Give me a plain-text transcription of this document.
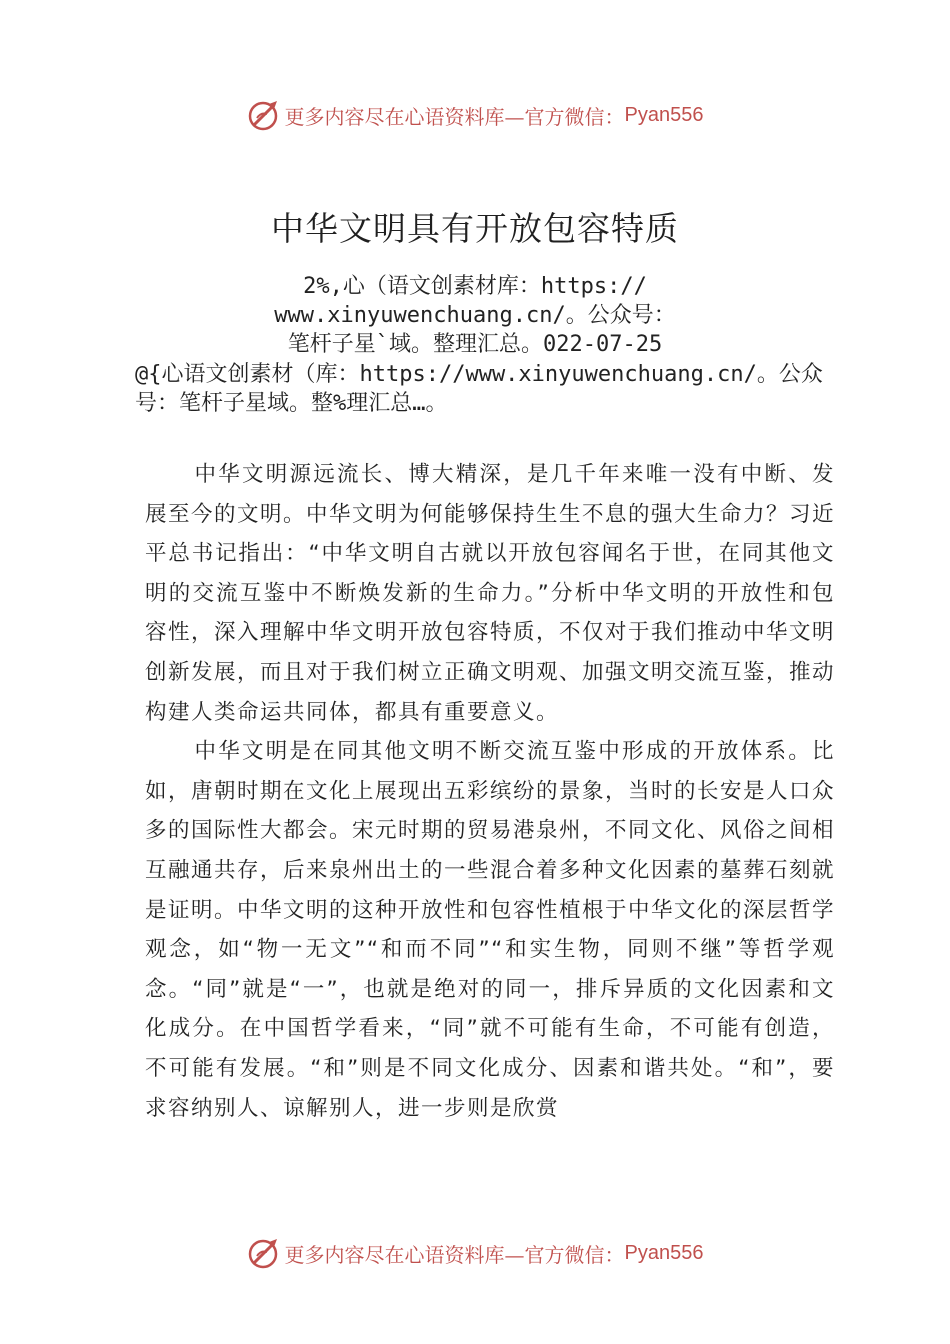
更多内容尽在心语资料库—官方微信： Pyan556
中华文明具有开放包容特质
2%,心（语文创素材库：https://
www.xinyuwenchuang.cn/。公众号：
笔杆子星`域。整理汇总。022-07-25
@{心语文创素材（库：https://www.xinyuwenchuang.cn/。公众号：笔杆子星域。整%理汇总…。

中华文明源远流长、博大精深，是几千年来唯一没有中断、发展至今的文明。中华文明为何能够保持生生不息的强大生命力？习近平总书记指出：“中华文明自古就以开放包容闻名于世，在同其他文明的交流互鉴中不断焕发新的生命力。”分析中华文明的开放性和包容性，深入理解中华文明开放包容特质，不仅对于我们推动中华文明创新发展，而且对于我们树立正确文明观、加强文明交流互鉴，推动构建人类命运共同体，都具有重要意义。

中华文明是在同其他文明不断交流互鉴中形成的开放体系。比如，唐朝时期在文化上展现出五彩缤纷的景象，当时的长安是人口众多的国际性大都会。宋元时期的贸易港泉州，不同文化、风俗之间相互融通共存，后来泉州出土的一些混合着多种文化因素的墓葬石刻就是证明。中华文明的这种开放性和包容性植根于中华文化的深层哲学观念，如“物一无文”“和而不同”“和实生物，同则不继”等哲学观念。“同”就是“一”，也就是绝对的同一，排斥异质的文化因素和文化成分。在中国哲学看来，“同”就不可能有生命，不可能有创造，不可能有发展。“和”则是不同文化成分、因素和谐共处。“和”，要求容纳别人、谅解别人，进一步则是欣赏

更多内容尽在心语资料库—官方微信： Pyan556
